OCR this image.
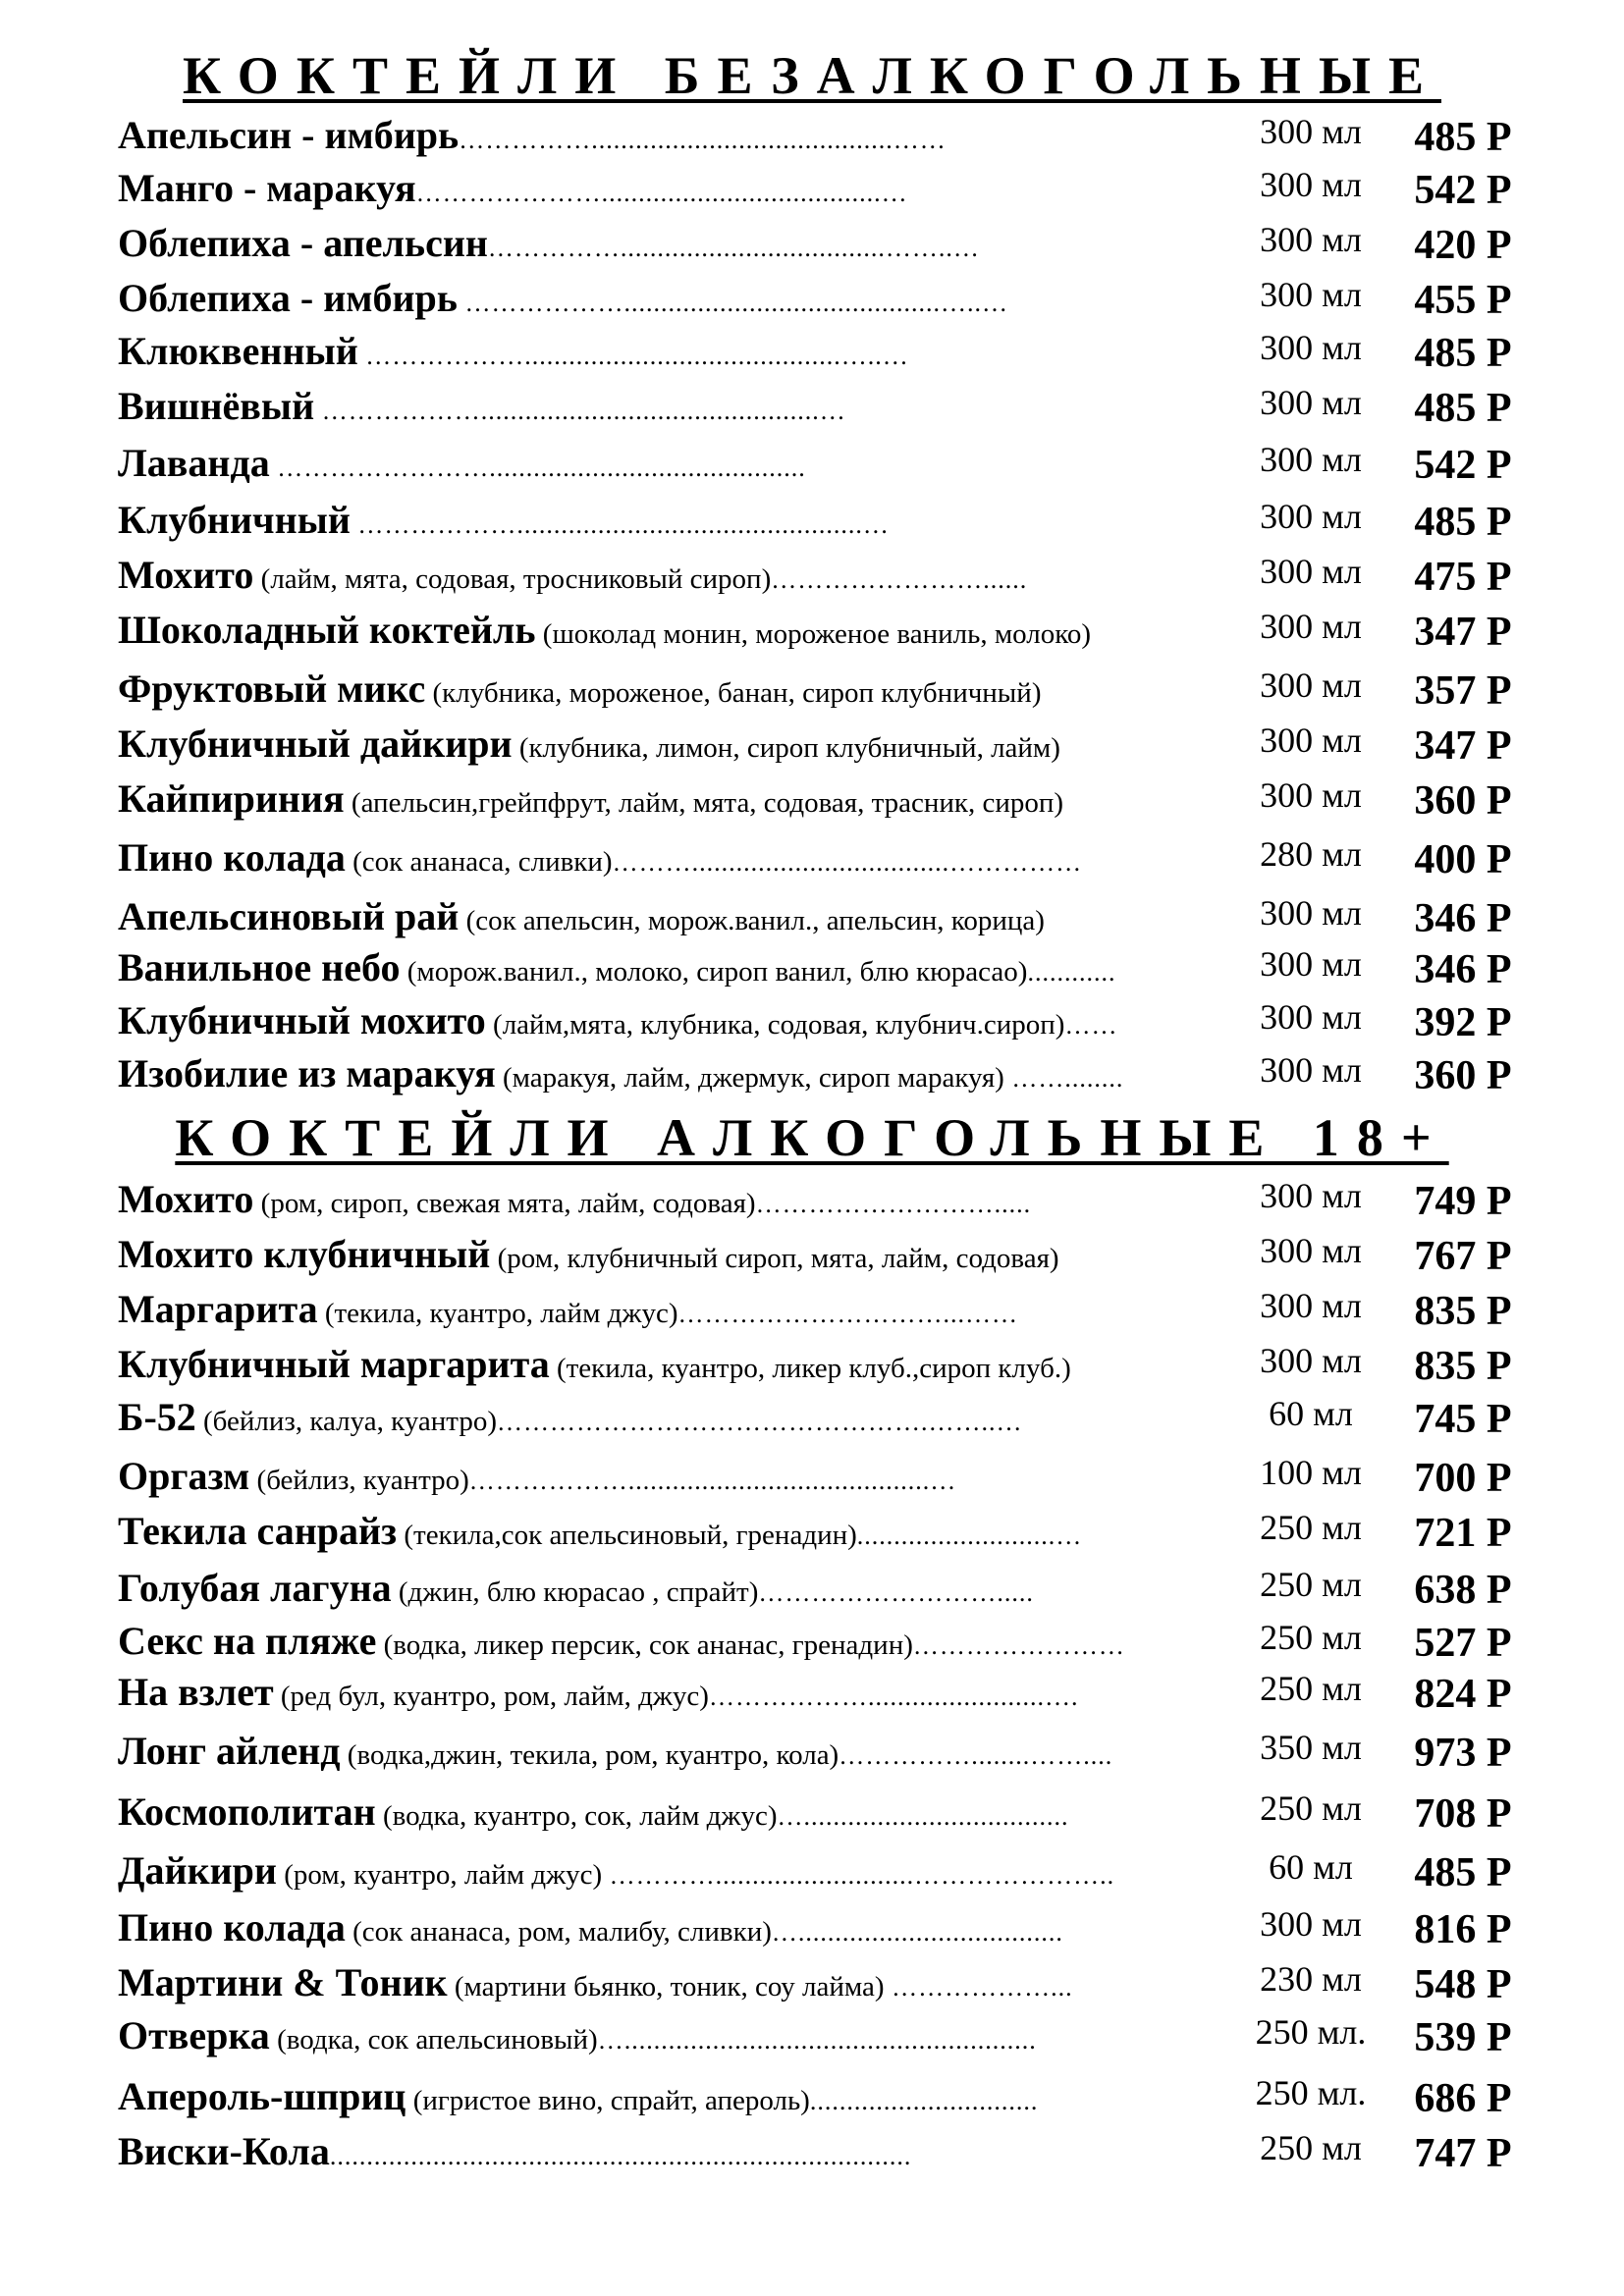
КОКТЕЙЛИ БЕЗАЛКОГОЛЬНЫЕ
Апельсин - имбирь…………….........................................……	300 мл	485 Р
Манго - маракуя…………………......................................…	300 мл	542 Р
Облепиха - апельсин……………....................................……..…	300 мл	420 Р
Облепиха - имбирь ………………...........................................…..…	300 мл	455 Р
Клюквенный ………………...........................................…..…	300 мл	485 Р
Вишнёвый ………………..............................................…	300 мл	485 Р
Лаванда ……………………...........................................	300 мл	542 Р
Клубничный ………………...............................................…	300 мл	485 Р
Мохито (лайм, мята, содовая, тросниковый сироп)……………………......	300 мл	475 Р
Шоколадный коктейль (шоколад монин, мороженое ваниль, молоко)	300 мл	347 Р
Фруктовый микс (клубника, мороженое, банан, сироп клубничный)	300 мл	357 Р
Клубничный дайкири (клубника, лимон, сироп клубничный, лайм)	300 мл	347 Р
Кайпириния (апельсин,грейпфрут, лайм, мята, содовая, трасник, сироп)	300 мл	360 Р
Пино колада (сок ананаса, сливки)………...................................……………	280 мл	400 Р
Апельсиновый рай (сок апельсин, морож.ванил., апельсин, корица)	300 мл	346 Р
Ванильное небо (морож.ванил., молоко, сироп ванил, блю кюрасао)............	300 мл	346 Р
Клубничный мохито (лайм,мята, клубника, содовая, клубнич.сироп)……	300 мл	392 Р
Изобилие из маракуя (маракуя, лайм, джермук, сироп маракуя) ……........	300 мл	360 Р
КОКТЕЙЛИ АЛКОГОЛЬНЫЕ 18+
Мохито (ром, сироп, свежая мята, лайм, содовая)……………………….....	300 мл	749 Р
Мохито клубничный (ром, клубничный сироп, мята, лайм, содовая)	300 мл	767 Р
Маргарита (текила, куантро, лайм джус)…………………………...……	300 мл	835 Р
Клубничный маргарита (текила, куантро, ликер клуб.,сироп клуб.)	300 мл	835 Р
Б-52 (бейлиз, калуа, куантро)………………………………………….……..…	60 мл	745 Р
Оргазм (бейлиз, куантро)……………….........................................…	100 мл	700 Р
Текила санрайз (текила,сок апельсиновый, гренадин)...........................…	250 мл	721 Р
Голубая лагуна (джин, блю кюрасао , спрайт)……………………….....	250 мл	638 Р
Секс на пляже (водка, ликер персик, сок ананас, гренадин)……………………	250 мл	527 Р
На взлет (ред бул, куантро, ром, лайм, джус)………………........................….	250 мл	824 Р
Лонг айленд (водка,джин, текила, ром, куантро, кола)……………........……....	350 мл	973 Р
Космополитан (водка, куантро, сок, лайм джус)…....................................	250 мл	708 Р
Дайкири (ром, куантро, лайм джус) …………...........................…………………..	60 мл	485 Р
Пино колада (сок ананаса, ром, малибу, сливки)…....................................	300 мл	816 Р
Мартини & Тоник (мартини бьянко, тоник, соу лайма) ………………...	230 мл	548 Р
Отверка (водка, сок апельсиновый)…........................................................	250 мл.	539 Р
Апероль-шприц (игристое вино, спрайт, апероль)...............................	250 мл.	686 Р
Виски-Кола...............................................................................	250 мл	747 Р
